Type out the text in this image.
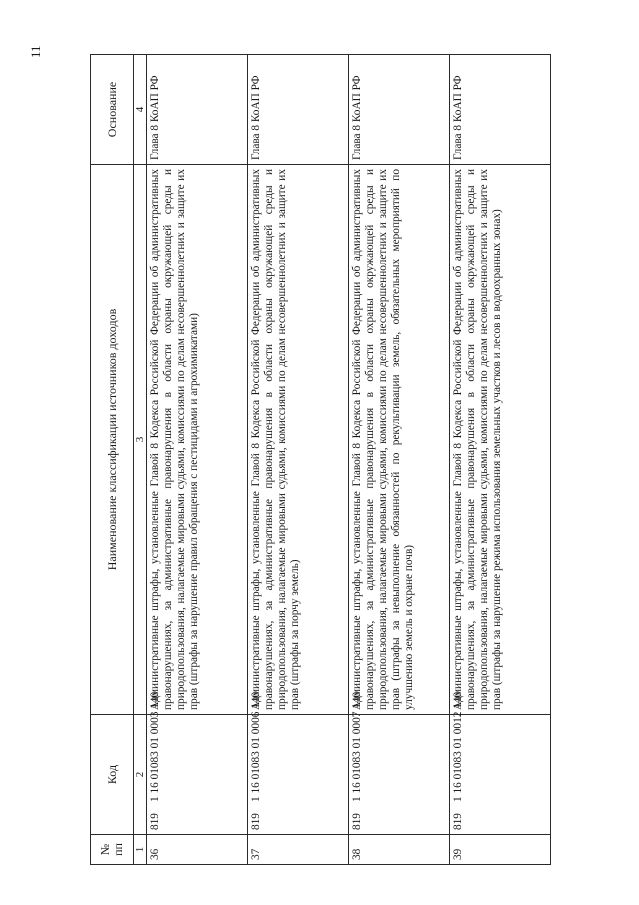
11
№
пп	Код	Наименование классификации источников доходов	Основание
1	2	3	4
36	8191 16 01083 01 0003 140	Административные штрафы, установленные Главой 8 Кодекса Российской Федерации об административных правонарушениях, за административные правонарушения в области охраны окружающей среды и природопользования, налагаемые мировыми судьями, комиссиями по делам несовершеннолетних и защите их прав (штрафы за нарушение правил обращения с пестицидами и агрохимикатами)	Глава 8 КоАП РФ
37	8191 16 01083 01 0006 140	Административные штрафы, установленные Главой 8 Кодекса Российской Федерации об административных правонарушениях, за административные правонарушения в области охраны окружающей среды и природопользования, налагаемые мировыми судьями, комиссиями по делам несовершеннолетних и защите их прав (штрафы за порчу земель)	Глава 8 КоАП РФ
38	8191 16 01083 01 0007 140	Административные штрафы, установленные Главой 8 Кодекса Российской Федерации об административных правонарушениях, за административные правонарушения в области охраны окружающей среды и природопользования, налагаемые мировыми судьями, комиссиями по делам несовершеннолетних и защите их прав (штрафы за невыполнение обязанностей по рекультивации земель, обязательных мероприятий по улучшению земель и охране почв)	Глава 8 КоАП РФ
39	8191 16 01083 01 0012 140	Административные штрафы, установленные Главой 8 Кодекса Российской Федерации об административных правонарушениях, за административные правонарушения в области охраны окружающей среды и природопользования, налагаемые мировыми судьями, комиссиями по делам несовершеннолетних и защите их прав (штрафы за нарушение режима использования земельных участков и лесов в водоохранных зонах)	Глава 8 КоАП РФ
